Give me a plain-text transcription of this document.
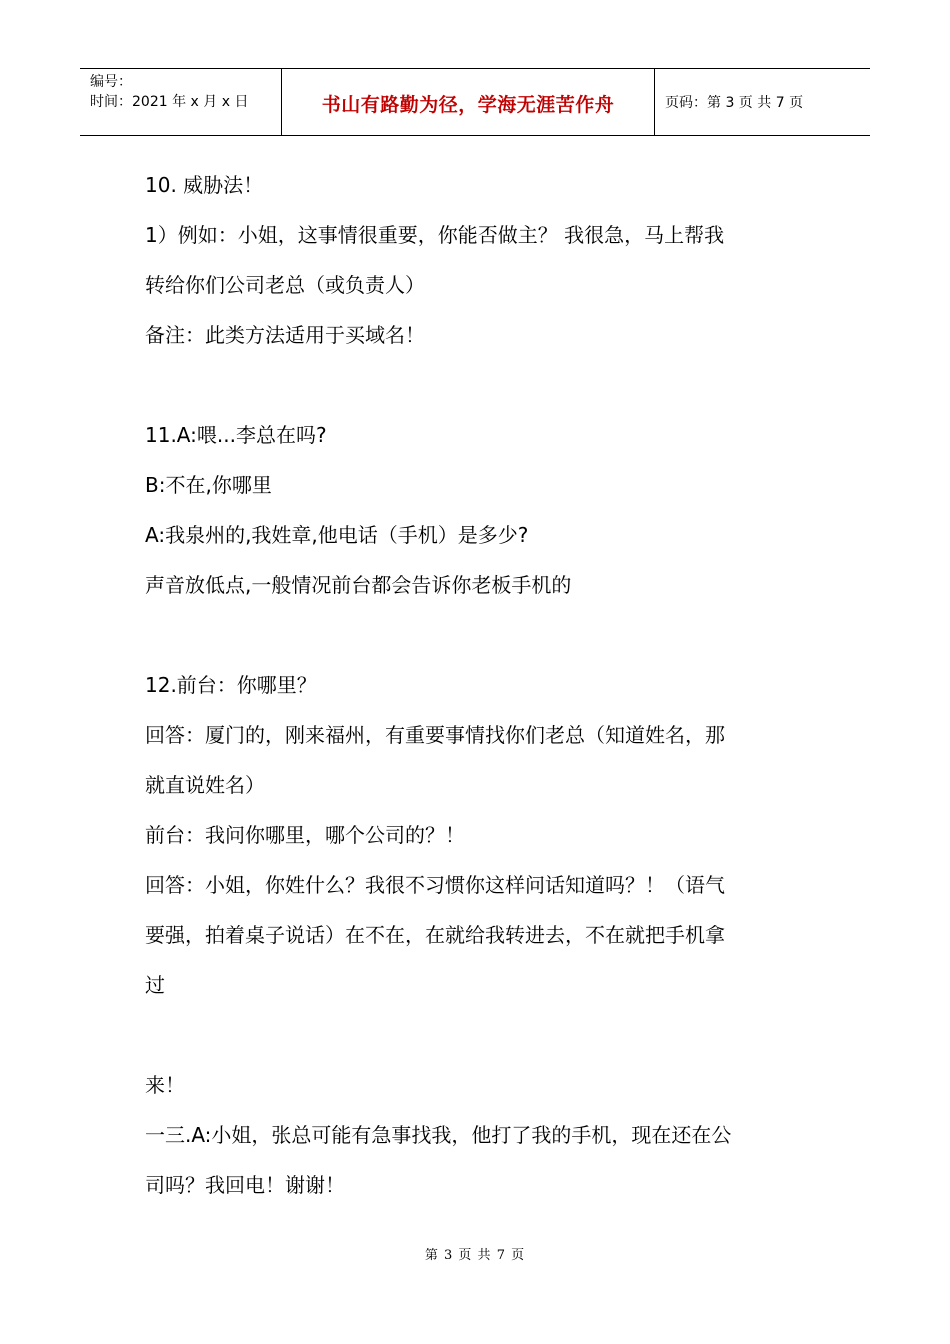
编号：
时间：2021 年 x 月 x 日	书山有路勤为径，学海无涯苦作舟	页码：第 3 页 共 7 页
10. 威胁法！
1）例如：小姐，这事情很重要，你能否做主？ 我很急，马上帮我
转给你们公司老总（或负责人）
备注：此类方法适用于买域名！
11.A:喂...李总在吗?
B:不在,你哪里
A:我泉州的,我姓章,他电话（手机）是多少?
声音放低点,一般情况前台都会告诉你老板手机的
12.前台：你哪里？
回答：厦门的，刚来福州，有重要事情找你们老总（知道姓名，那
就直说姓名）
前台：我问你哪里，哪个公司的？！
回答：小姐，你姓什么？我很不习惯你这样问话知道吗？！（语气
要强，拍着桌子说话）在不在，在就给我转进去，不在就把手机拿
过
来！
一三.A:小姐，张总可能有急事找我，他打了我的手机，现在还在公
司吗？我回电！谢谢！
第 3 页 共 7 页
